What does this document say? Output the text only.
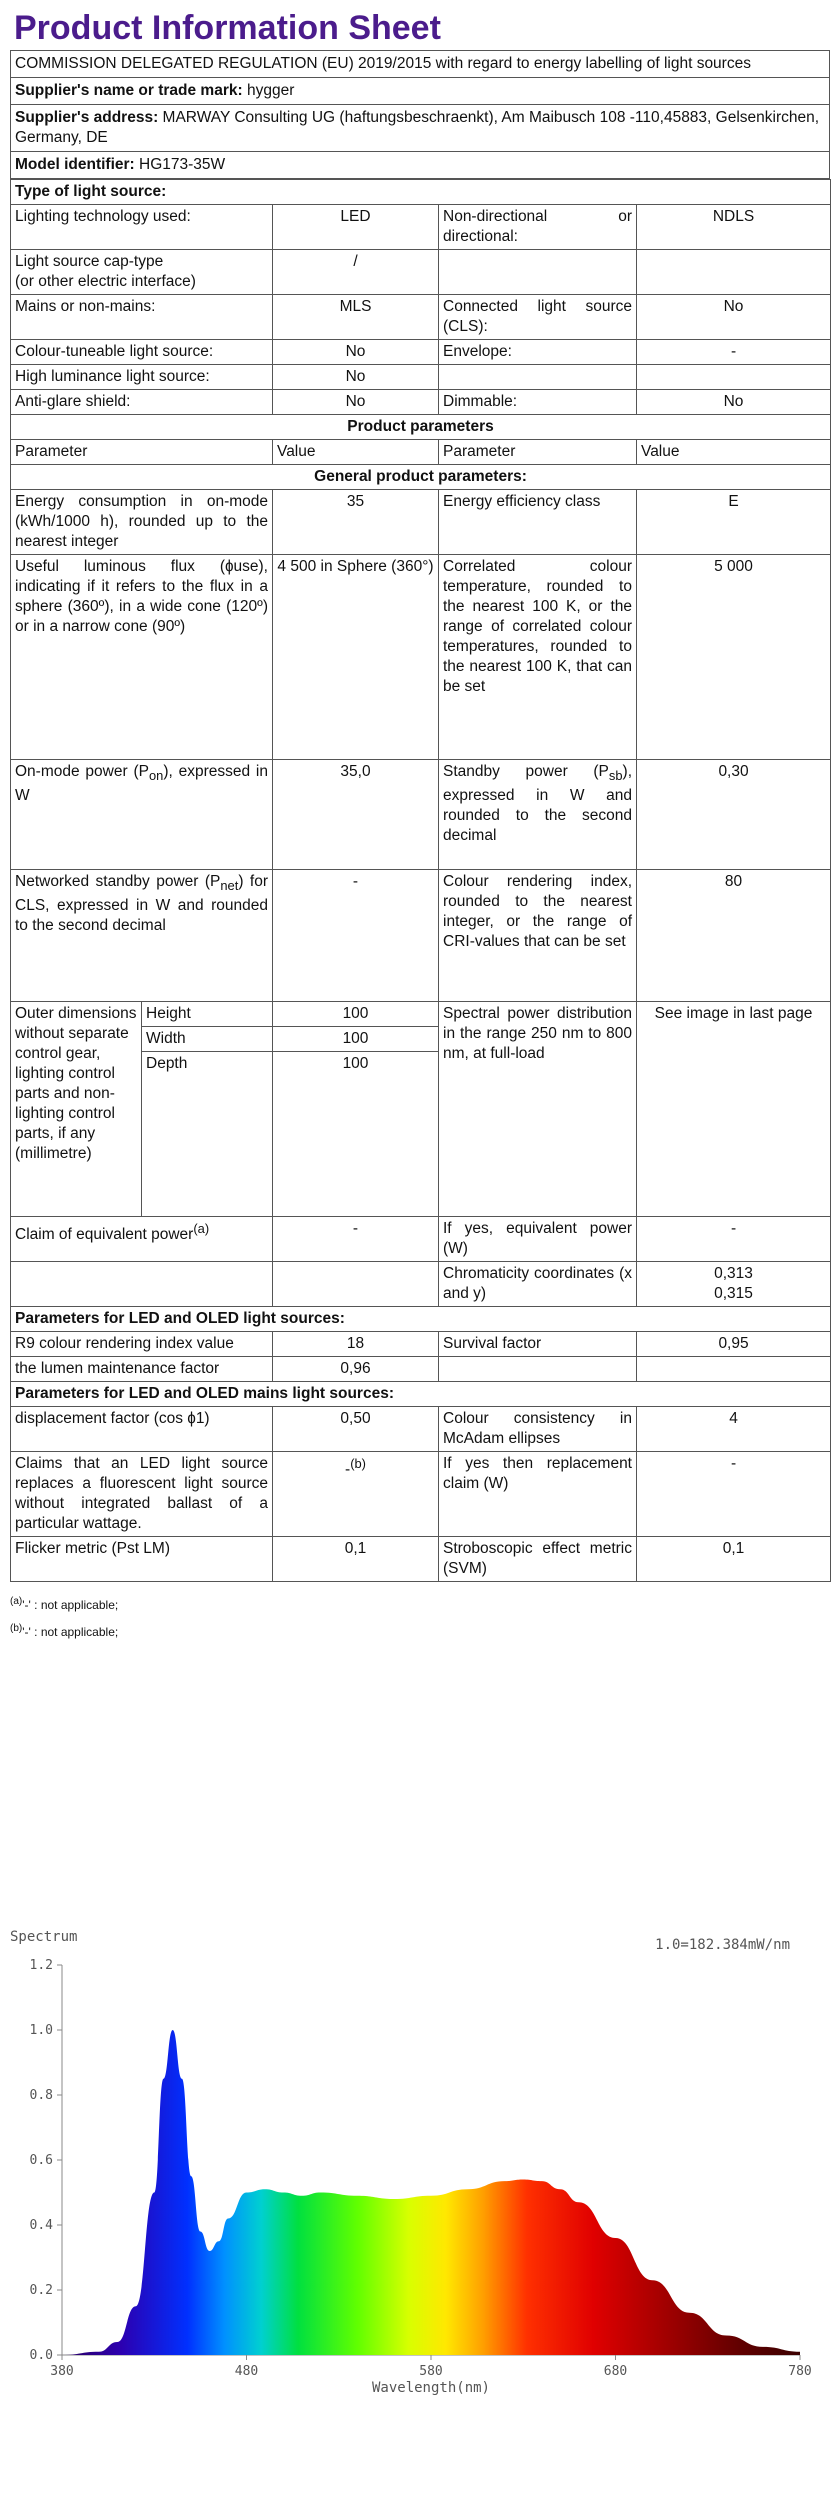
Product Information Sheet
COMMISSION DELEGATED REGULATION (EU) 2019/2015 with regard to energy labelling of light sources
Supplier's name or trade mark: hygger
Supplier's address: MARWAY Consulting UG (haftungsbeschraenkt), Am Maibusch 108 -110,45883, Gelsenkirchen, Germany, DE
Model identifier: HG173-35W
Type of light source:				
Lighting technology used:		LED	Non-directional or directional:	NDLS
Light source cap-type
(or other electric interface)		/		
Mains or non-mains:		MLS	Connected light source (CLS):	No
Colour-tuneable light source:		No	Envelope:	-
High luminance light source:		No		
Anti-glare shield:		No	Dimmable:	No
Product parameters				
Parameter		Value	Parameter	Value
General product parameters:				
Energy consumption in on-mode (kWh/1000 h), rounded up to the nearest integer		35	Energy efficiency class	E
Useful luminous flux (ɸuse), indicating if it refers to the flux in a sphere (360º), in a wide cone (120º) or in a narrow cone (90º)		4 500 in Sphere (360°)	Correlated colour temperature, rounded to the nearest 100 K, or the range of correlated colour temperatures, rounded to the nearest 100 K, that can be set	5 000
On-mode power $(P_{on})$, expressed in W		35,0	Standby power $(P_{sb})$, expressed in W and rounded to the second decimal	0,30
Networked standby power $(P_{net})$ for CLS, expressed in W and rounded to the second decimal		-	Colour rendering index, rounded to the nearest integer, or the range of CRI-values that can be set	80
Outer dimensions without separate control gear, lighting control parts and non-lighting control parts, if any (millimetre)	Height	100	Spectral power distribution in the range 250 nm to 800 nm, at full-load	See image in last page
	Width	100		
	Depth	100		
Claim of equivalent power$^{(a)}$		-	If yes, equivalent power (W)	-
			Chromaticity coordinates (x and y)	0,313
0,315

Parameters for LED and OLED light sources:				
R9 colour rendering index value		18	Survival factor	0,95
the lumen maintenance factor		0,96		
Parameters for LED and OLED mains light sources:				
displacement factor (cos ɸ1)		0,50	Colour consistency in McAdam ellipses	4
Claims that an LED light source replaces a fluorescent light source without integrated ballast of a particular wattage.		-$^{(b)}$	If yes then replacement claim (W)	-
Flicker metric (Pst LM)		0,1	Stroboscopic effect metric (SVM)	0,1
$^{(a)}$'-' : not applicable;
$^{(b)}$'-' : not applicable;
0.0
0.2
0.4
0.6
0.8
1.0
1.2
380	480	580	680	780
Spectrum	1.0=182.384mW/nm
Wavelength(nm)
